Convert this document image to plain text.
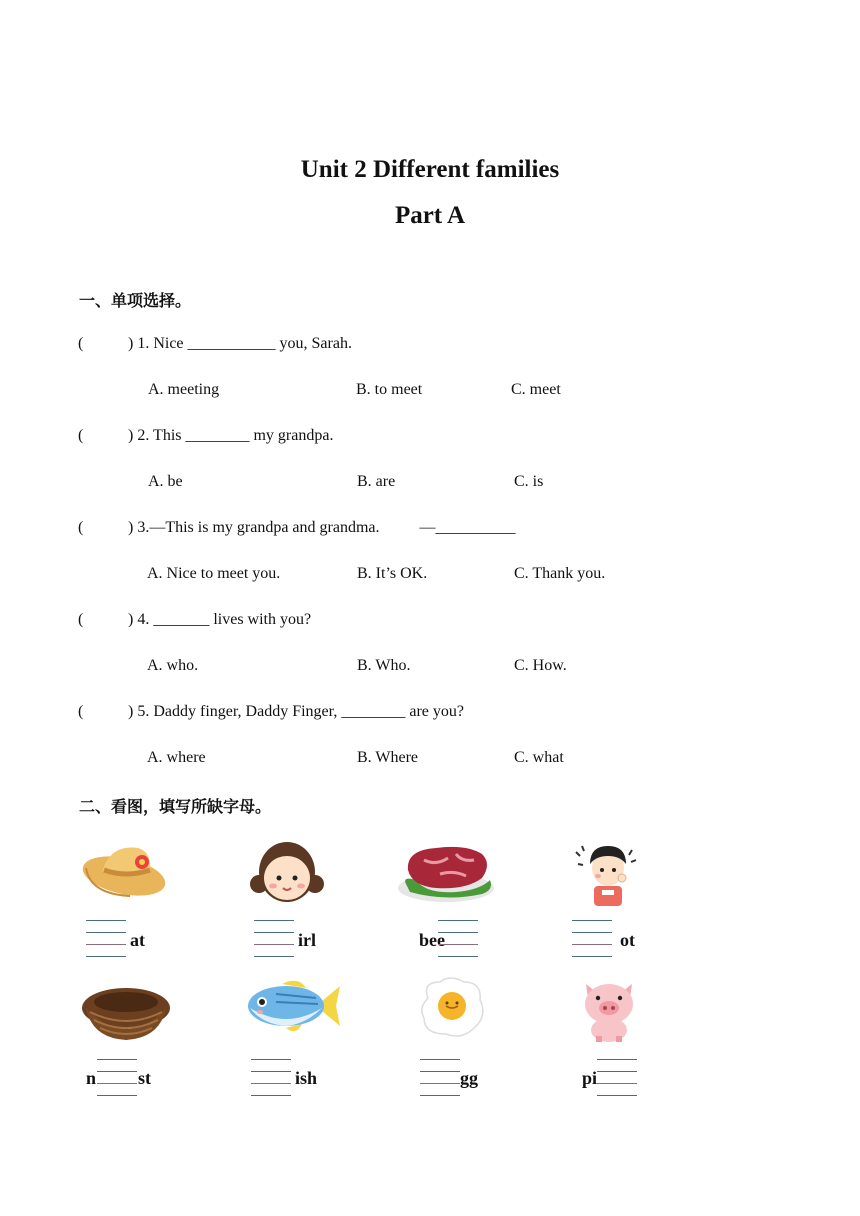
Unit 2 Different families
Part A
一、单项选择。
(	) 1. Nice ___________ you, Sarah.
A. meeting	B. to meet	C. meet
(	) 2. This ________ my grandpa.
A. be	B. are	C. is
(	) 3.—This is my grandpa and grandma.          —__________
A. Nice to meet you.	B. It’s OK.	C. Thank you.
(	) 4. _______ lives with you?
A. who.	B. Who.	C. How.
(	) 5. Daddy finger, Daddy Finger, ________ are you?
A. where	B. Where	C. what
二、看图，填写所缺字母。
at	irl	bee	ot
n st	ish	gg	pi
